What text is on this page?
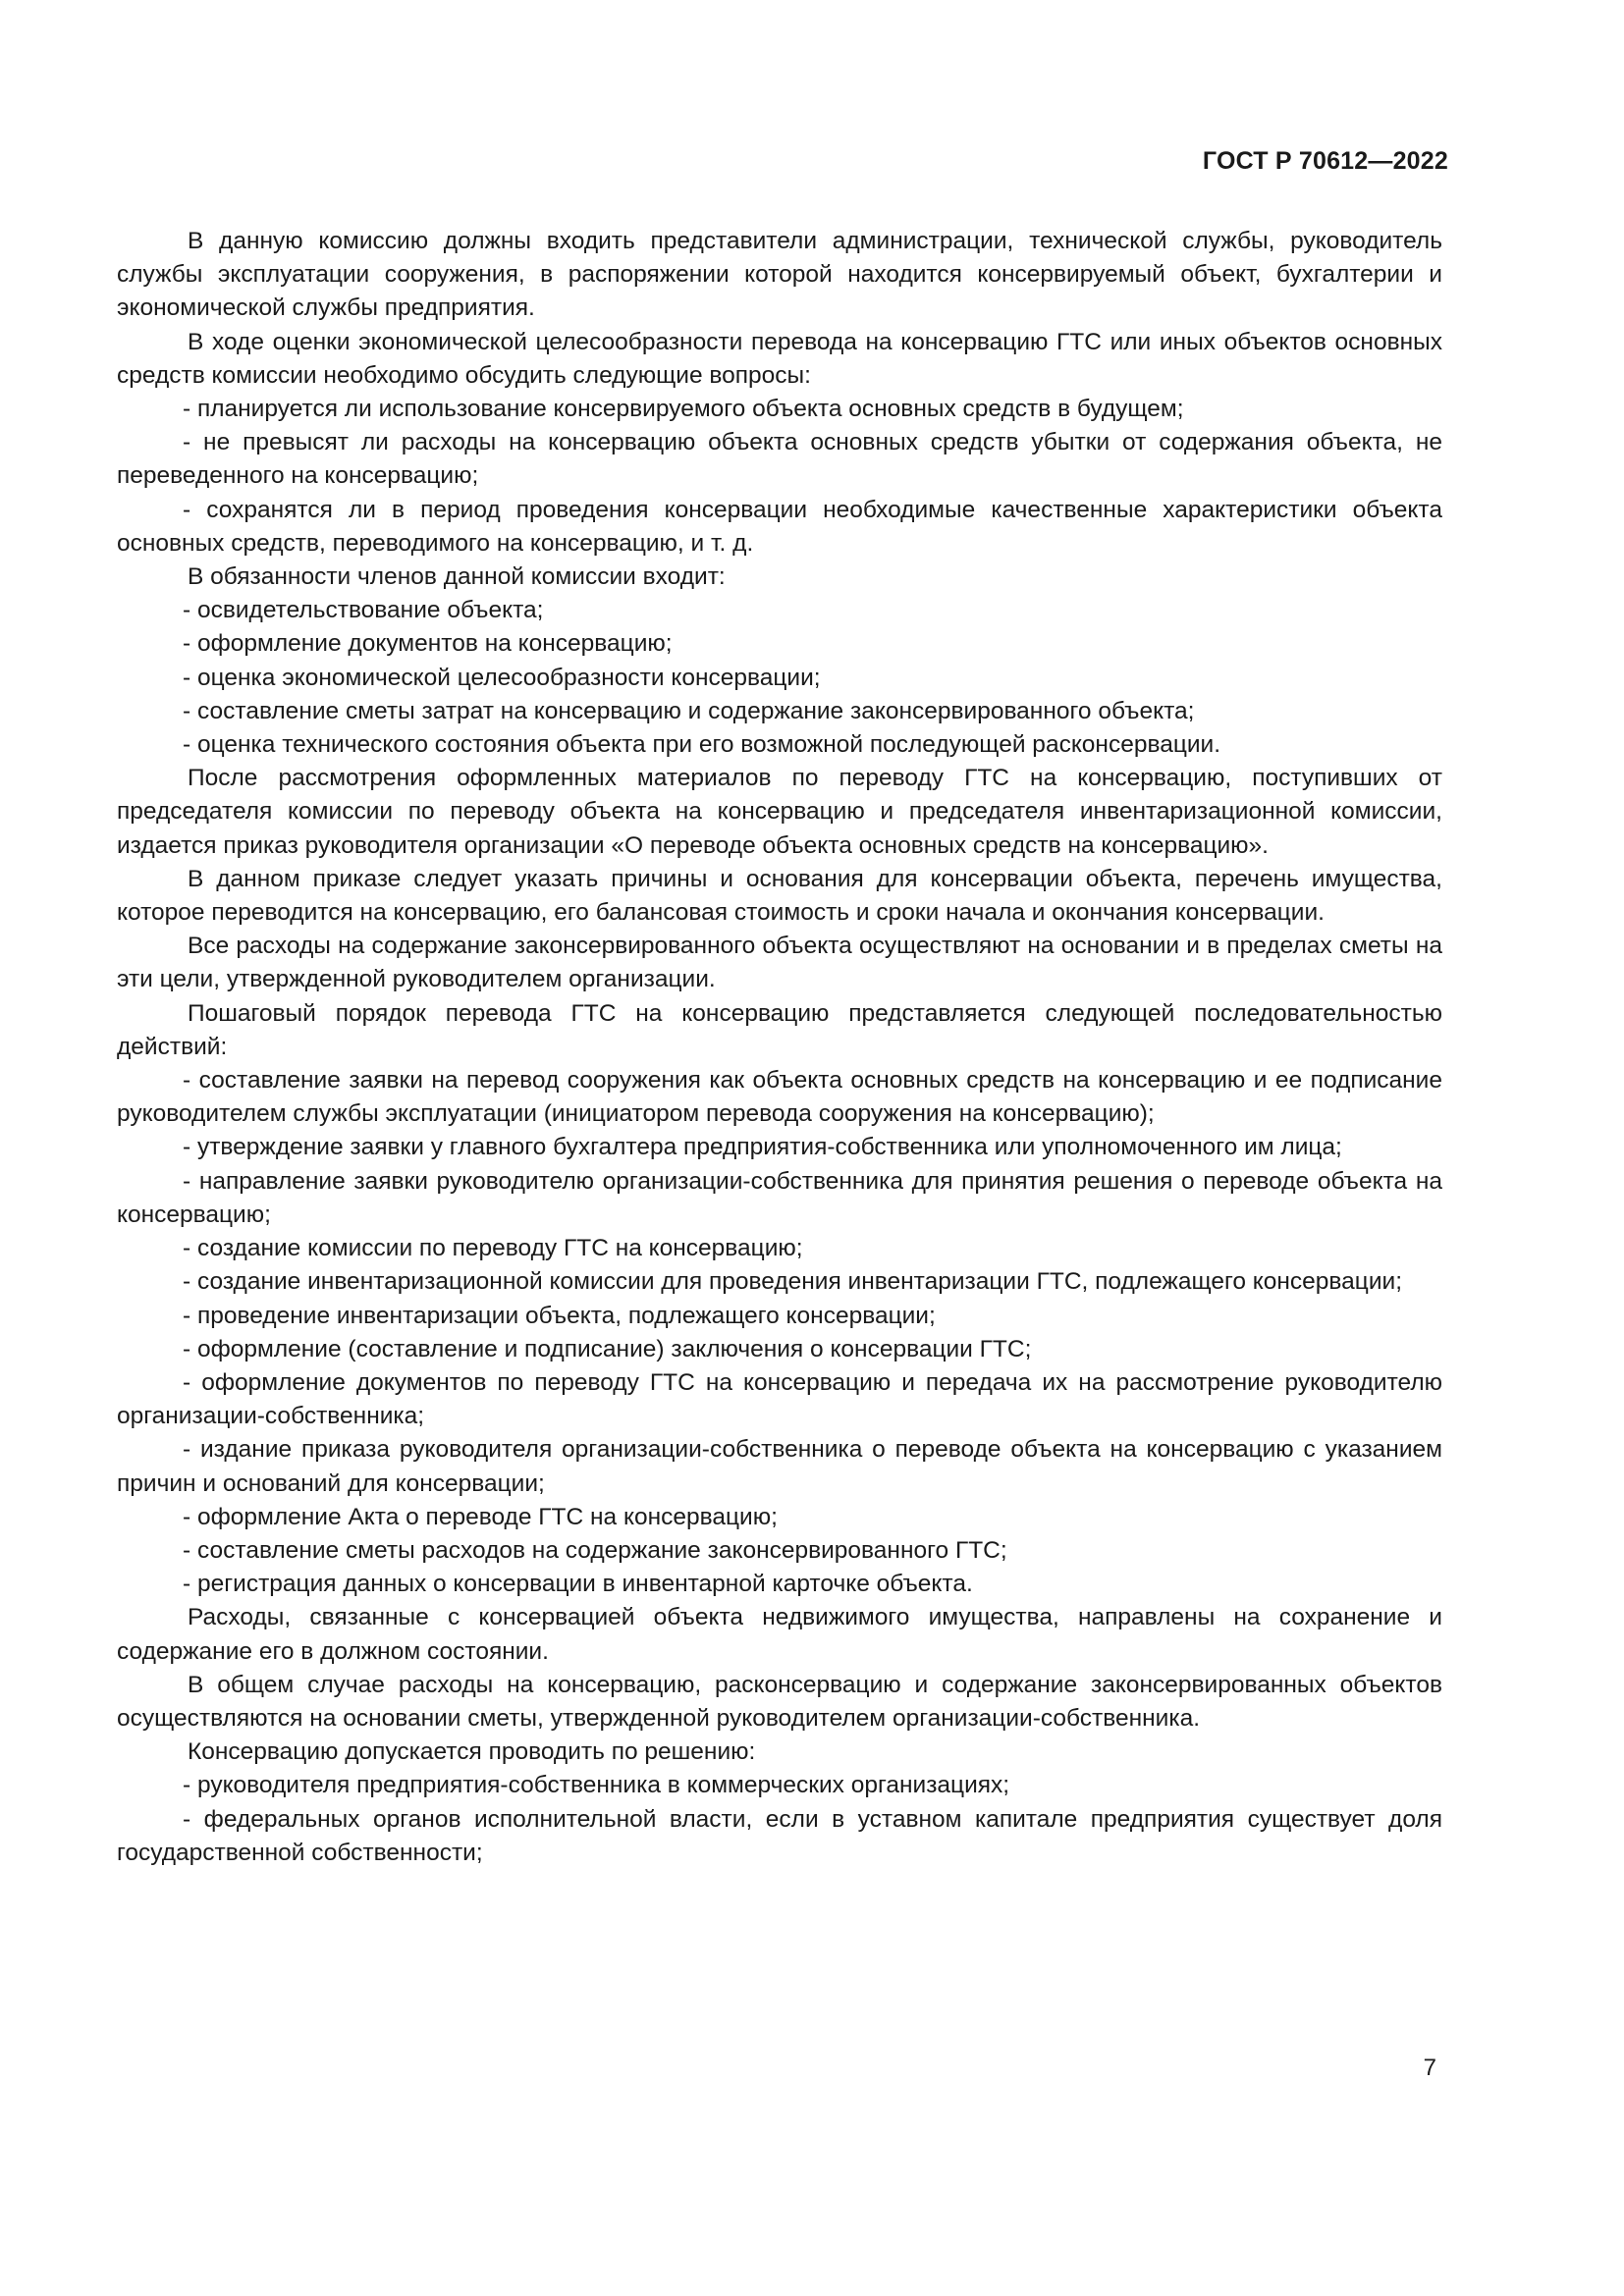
ГОСТ Р 70612—2022

В данную комиссию должны входить представители администрации, технической службы, руководитель службы эксплуатации сооружения, в распоряжении которой находится консервируемый объект, бухгалтерии и экономической службы предприятия.

В ходе оценки экономической целесообразности перевода на консервацию ГТС или иных объектов основных средств комиссии необходимо обсудить следующие вопросы:

- планируется ли использование консервируемого объекта основных средств в будущем;

- не превысят ли расходы на консервацию объекта основных средств убытки от содержания объекта, не переведенного на консервацию;

- сохранятся ли в период проведения консервации необходимые качественные характеристики объекта основных средств, переводимого на консервацию, и т. д.

В обязанности членов данной комиссии входит:

- освидетельствование объекта;

- оформление документов на консервацию;

- оценка экономической целесообразности консервации;

- составление сметы затрат на консервацию и содержание законсервированного объекта;

- оценка технического состояния объекта при его возможной последующей расконсервации.

После рассмотрения оформленных материалов по переводу ГТС на консервацию, поступивших от председателя комиссии по переводу объекта на консервацию и председателя инвентаризационной комиссии, издается приказ руководителя организации «О переводе объекта основных средств на консервацию».

В данном приказе следует указать причины и основания для консервации объекта, перечень имущества, которое переводится на консервацию, его балансовая стоимость и сроки начала и окончания консервации.

Все расходы на содержание законсервированного объекта осуществляют на основании и в пределах сметы на эти цели, утвержденной руководителем организации.

Пошаговый порядок перевода ГТС на консервацию представляется следующей последовательностью действий:

- составление заявки на перевод сооружения как объекта основных средств на консервацию и ее подписание руководителем службы эксплуатации (инициатором перевода сооружения на консервацию);

- утверждение заявки у главного бухгалтера предприятия-собственника или уполномоченного им лица;

- направление заявки руководителю организации-собственника для принятия решения о переводе объекта на консервацию;

- создание комиссии по переводу ГТС на консервацию;

- создание инвентаризационной комиссии для проведения инвентаризации ГТС, подлежащего консервации;

- проведение инвентаризации объекта, подлежащего консервации;

- оформление (составление и подписание) заключения о консервации ГТС;

- оформление документов по переводу ГТС на консервацию и передача их на рассмотрение руководителю организации-собственника;

- издание приказа руководителя организации-собственника о переводе объекта на консервацию с указанием причин и оснований для консервации;

- оформление Акта о переводе ГТС на консервацию;

- составление сметы расходов на содержание законсервированного ГТС;

- регистрация данных о консервации в инвентарной карточке объекта.

Расходы, связанные с консервацией объекта недвижимого имущества, направлены на сохранение и содержание его в должном состоянии.

В общем случае расходы на консервацию, расконсервацию и содержание законсервированных объектов осуществляются на основании сметы, утвержденной руководителем организации-собственника.

Консервацию допускается проводить по решению:

- руководителя предприятия-собственника в коммерческих организациях;

- федеральных органов исполнительной власти, если в уставном капитале предприятия существует доля государственной собственности;

7
